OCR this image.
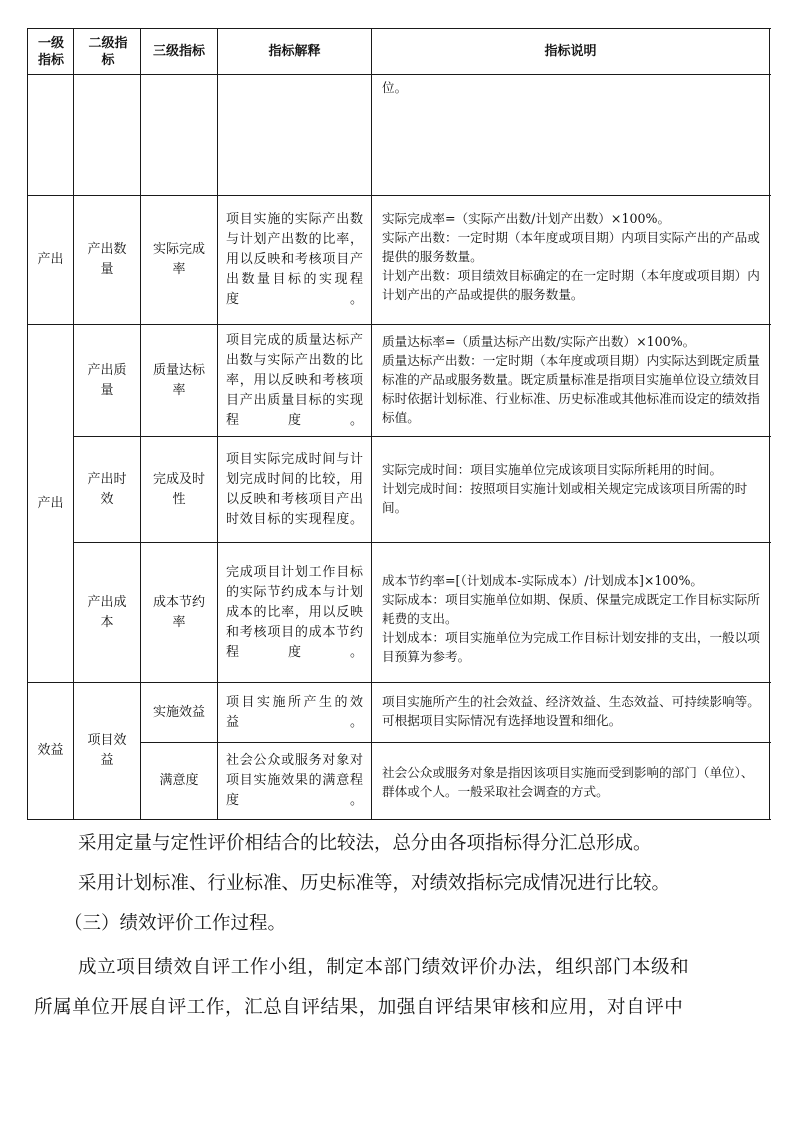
一级指标
二级指标
三级指标	指标解释	指标说明
位。
产出
产出数量
实际完成率
项目实施的实际产出数与计划产出数的比率，用以反映和考核项目产出数量目标的实现程度。
实际完成率=（实际产出数/计划产出数）×100%。
实际产出数：一定时期（本年度或项目期）内项目实际产出的产品或提供的服务数量。
计划产出数：项目绩效目标确定的在一定时期（本年度或项目期）内计划产出的产品或提供的服务数量。
产出
产出质量
质量达标率
项目完成的质量达标产出数与实际产出数的比率，用以反映和考核项目产出质量目标的实现程度。
质量达标率=（质量达标产出数/实际产出数）×100%。
质量达标产出数：一定时期（本年度或项目期）内实际达到既定质量标准的产品或服务数量。既定质量标准是指项目实施单位设立绩效目标时依据计划标准、行业标准、历史标准或其他标准而设定的绩效指标值。
产出时效
完成及时性
项目实际完成时间与计划完成时间的比较，用以反映和考核项目产出时效目标的实现程度。
实际完成时间：项目实施单位完成该项目实际所耗用的时间。
计划完成时间：按照项目实施计划或相关规定完成该项目所需的时间。
产出成本
成本节约率
完成项目计划工作目标的实际节约成本与计划成本的比率，用以反映和考核项目的成本节约程度。
成本节约率=[（计划成本-实际成本）/计划成本]×100%。
实际成本：项目实施单位如期、保质、保量完成既定工作目标实际所耗费的支出。
计划成本：项目实施单位为完成工作目标计划安排的支出，一般以项目预算为参考。
效益
项目效益
实施效益
项目实施所产生的效益。
项目实施所产生的社会效益、经济效益、生态效益、可持续影响等。可根据项目实际情况有选择地设置和细化。
满意度
社会公众或服务对象对项目实施效果的满意程度。
社会公众或服务对象是指因该项目实施而受到影响的部门（单位）、群体或个人。一般采取社会调查的方式。
采用定量与定性评价相结合的比较法，总分由各项指标得分汇总形成。
采用计划标准、行业标准、历史标准等，对绩效指标完成情况进行比较。
（三）绩效评价工作过程。
成立项目绩效自评工作小组，制定本部门绩效评价办法，组织部门本级和
所属单位开展自评工作，汇总自评结果，加强自评结果审核和应用，对自评中
